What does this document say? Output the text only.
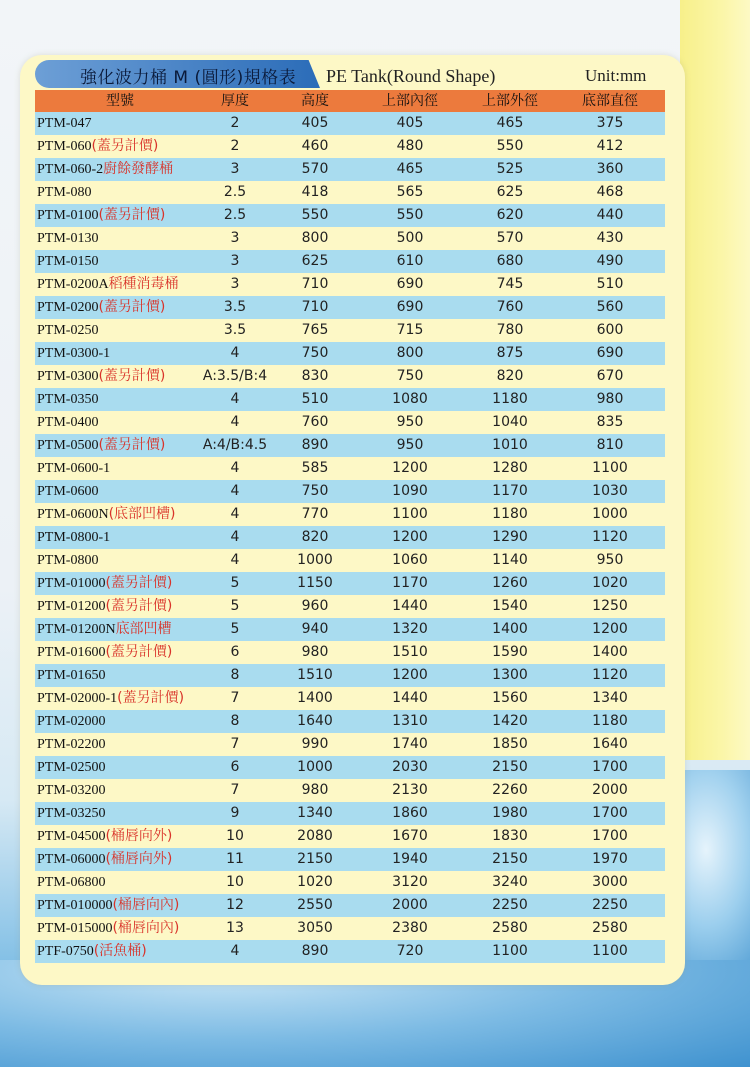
強化波力桶 M (圓形)規格表 PE Tank(Round Shape)	Unit:mm
型號	厚度	高度	上部內徑	上部外徑	底部直徑
PTM-047	2	405	405	465	375
PTM-060(蓋另計價)	2	460	480	550	412
PTM-060-2廚餘發酵桶	3	570	465	525	360
PTM-080	2.5	418	565	625	468
PTM-0100(蓋另計價)	2.5	550	550	620	440
PTM-0130	3	800	500	570	430
PTM-0150	3	625	610	680	490
PTM-0200A稻種消毒桶	3	710	690	745	510
PTM-0200(蓋另計價)	3.5	710	690	760	560
PTM-0250	3.5	765	715	780	600
PTM-0300-1	4	750	800	875	690
PTM-0300(蓋另計價)	A:3.5/B:4	830	750	820	670
PTM-0350	4	510	1080	1180	980
PTM-0400	4	760	950	1040	835
PTM-0500(蓋另計價)	A:4/B:4.5	890	950	1010	810
PTM-0600-1	4	585	1200	1280	1100
PTM-0600	4	750	1090	1170	1030
PTM-0600N(底部凹槽)	4	770	1100	1180	1000
PTM-0800-1	4	820	1200	1290	1120
PTM-0800	4	1000	1060	1140	950
PTM-01000(蓋另計價)	5	1150	1170	1260	1020
PTM-01200(蓋另計價)	5	960	1440	1540	1250
PTM-01200N底部凹槽	5	940	1320	1400	1200
PTM-01600(蓋另計價)	6	980	1510	1590	1400
PTM-01650	8	1510	1200	1300	1120
PTM-02000-1(蓋另計價)	7	1400	1440	1560	1340
PTM-02000	8	1640	1310	1420	1180
PTM-02200	7	990	1740	1850	1640
PTM-02500	6	1000	2030	2150	1700
PTM-03200	7	980	2130	2260	2000
PTM-03250	9	1340	1860	1980	1700
PTM-04500(桶唇向外)	10	2080	1670	1830	1700
PTM-06000(桶唇向外)	11	2150	1940	2150	1970
PTM-06800	10	1020	3120	3240	3000
PTM-010000(桶唇向內)	12	2550	2000	2250	2250
PTM-015000(桶唇向內)	13	3050	2380	2580	2580
PTF-0750(活魚桶)	4	890	720	1100	1100
